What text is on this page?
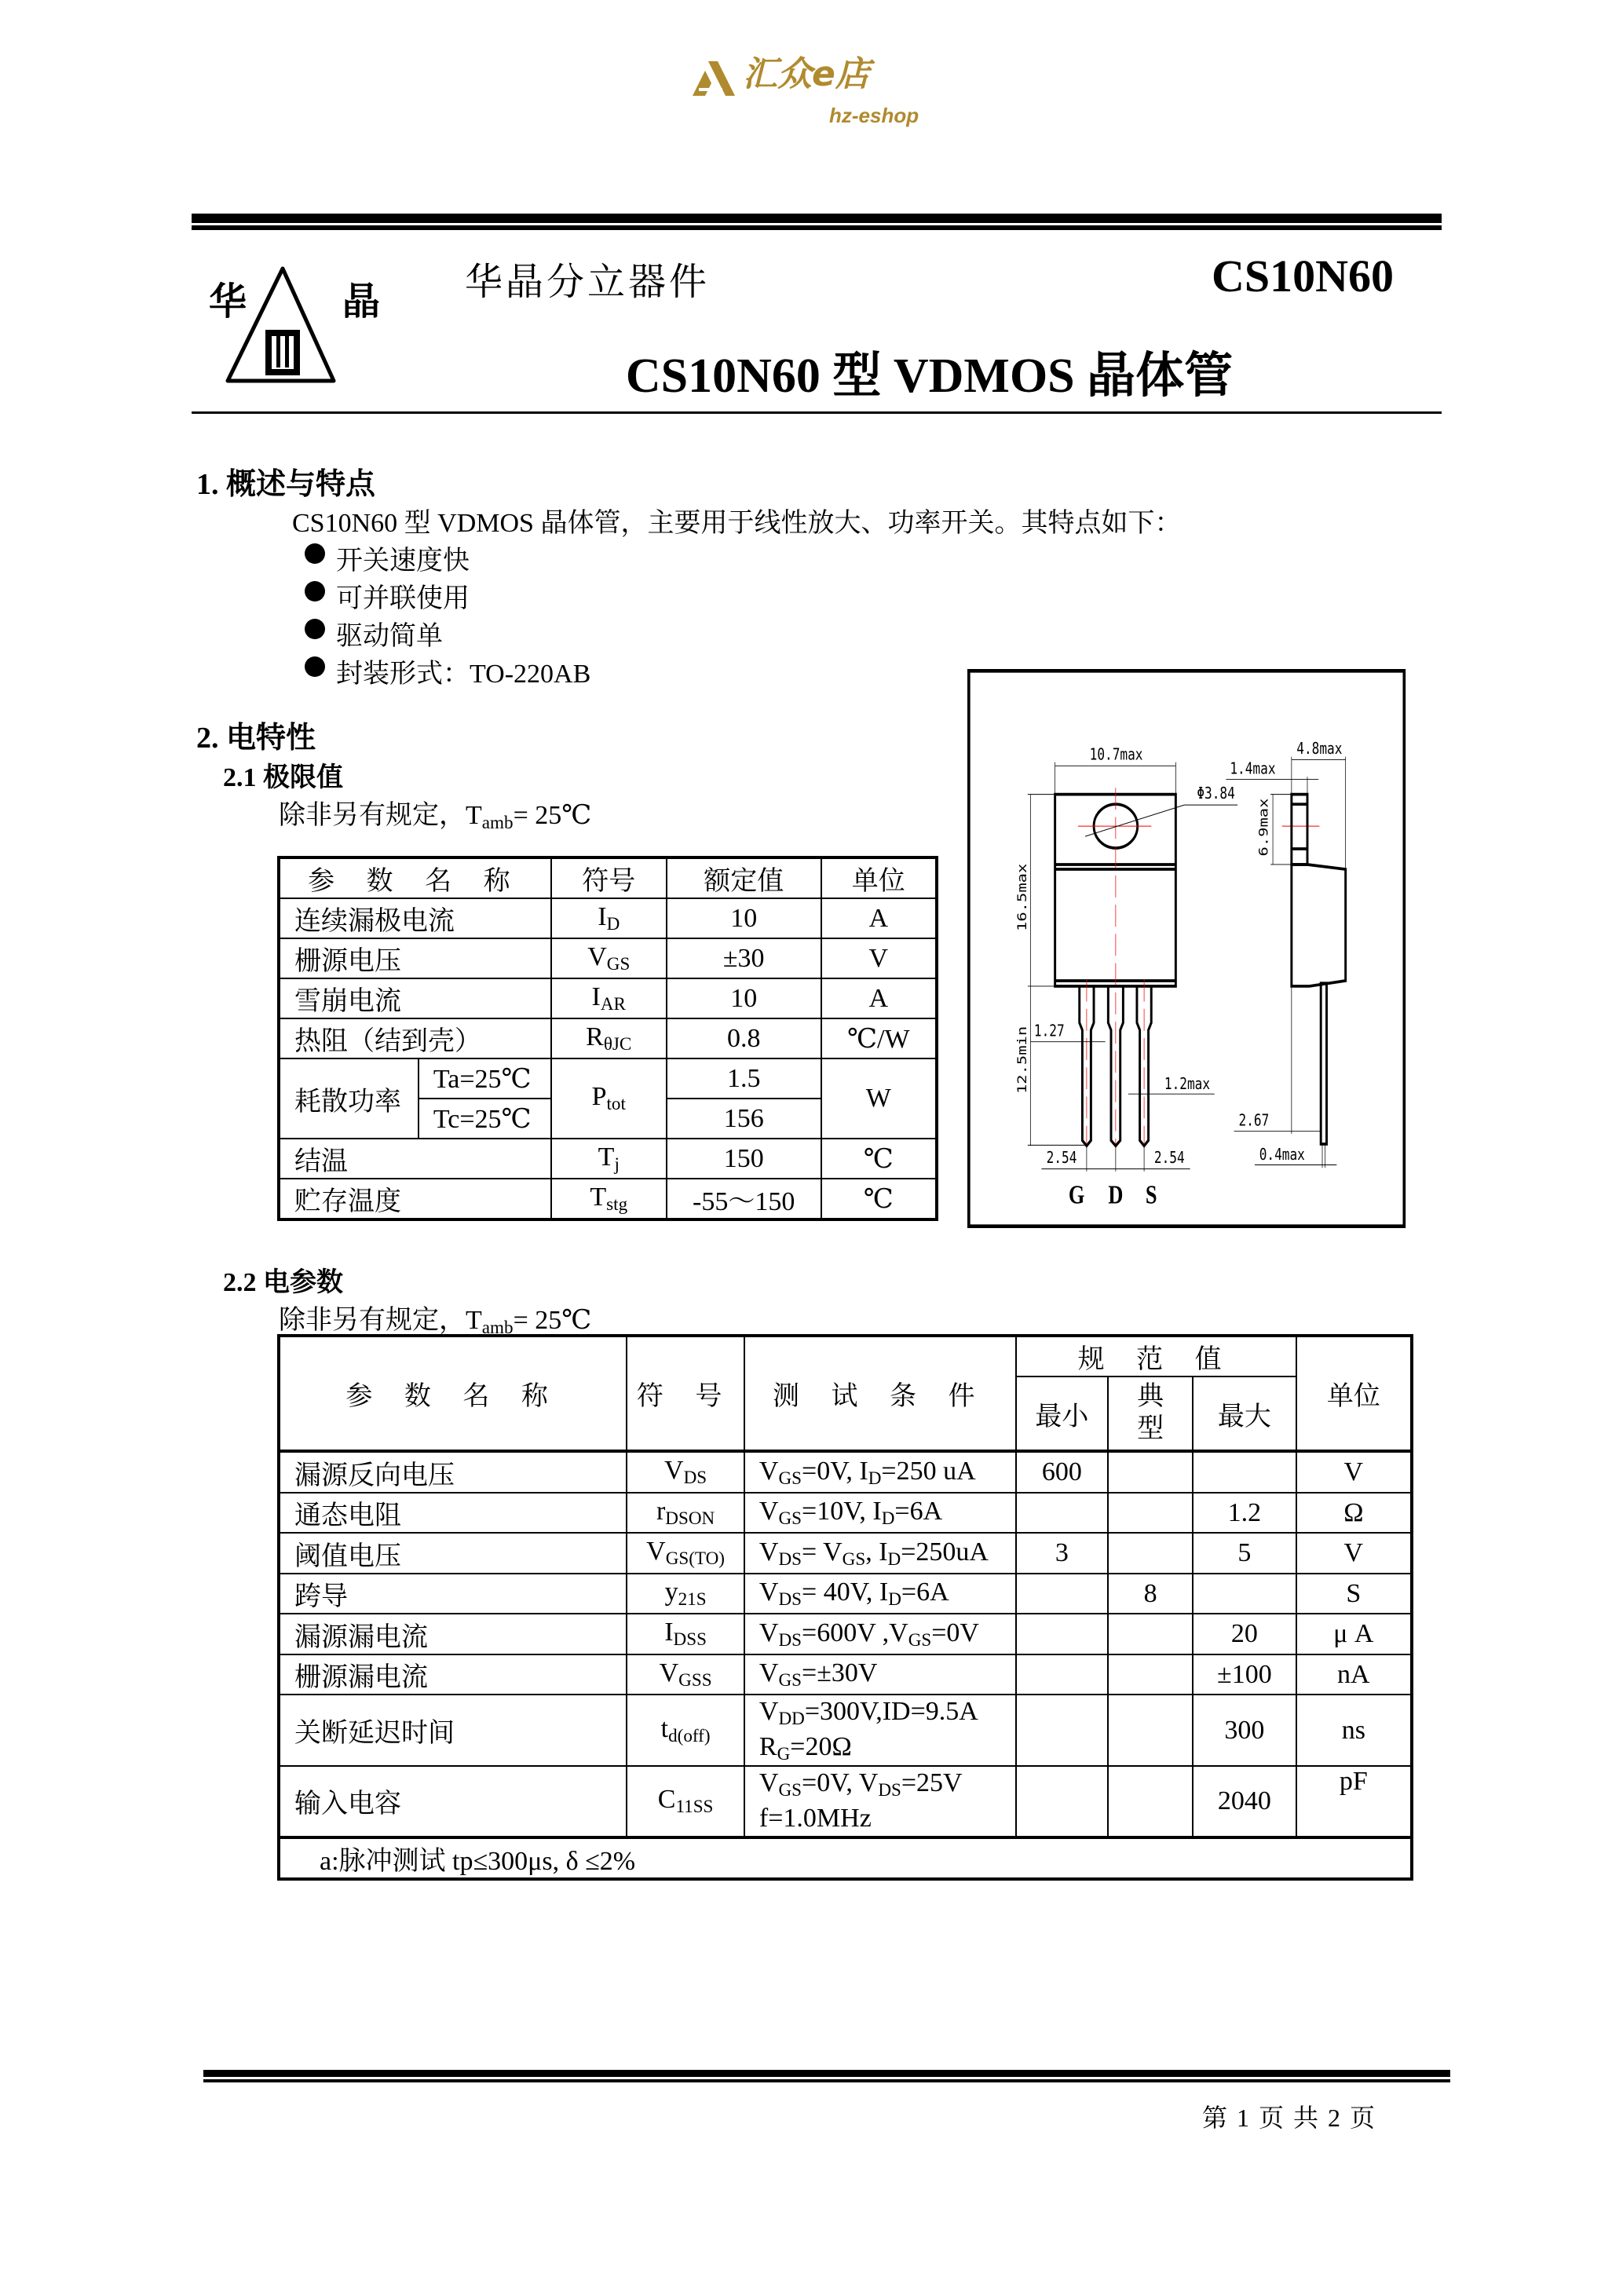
汇众e店
hz-eshop
华	晶 华晶分立器件	CS10N60
CS10N60 型 VDMOS 晶体管
1. 概述与特点
CS10N60 型 VDMOS 晶体管，主要用于线性放大、功率开关。其特点如下：
开关速度快
可并联使用
驱动简单
封装形式：TO-220AB
2. 电特性
2.1 极限值
除非另有规定，$T_{amb}=$ 25℃
参 数 名 称		符号	额定值	单位
连续漏极电流		$I_D$	10	A
栅源电压		$V_{GS}$	±30	V
雪崩电流		$I_{AR}$	10	A
热阻（结到壳）		$R_{\theta JC}$	0.8	℃/W
耗散功率	Ta=25℃	$P_{tot}$	1.5	W
	Tc=25℃		156	
结温		$T_j$	150	℃
贮存温度		$T_{stg}$	-55～150	℃
10.7max
Φ3.84
16.5max
12.5min 1.27
1.2max
2.54 2.54
4.8max
1.4max
6.9max
2.67
0.4max
G D S
2.2 电参数
除非另有规定，$T_{amb}=$ 25℃
参 数 名 称	符 号	测 试 条 件	规 范 值			单位
			最小	典型	最大	
漏源反向电压	$V_{DS}$	$V_{GS}=0V$, $I_D=250$ uA	600			V
通态电阻	$r_{DSON}$	$V_{GS}=10V$, $I_D=6A$			1.2	Ω
阈值电压	$V_{GS(TO)}$	$V_{DS}= V_{GS}$, $I_D=250uA$	3		5	V
跨导	$y_{21S}$	$V_{DS}= 40V$, $I_D=6A$		8		S
漏源漏电流	$I_{DSS}$	$V_{DS}=600V$ $,V_{GS}=0V$			20	μ A
栅源漏电流	$V_{GSS}$	$V_{GS}=\pm 30V$			±100	nA
关断延迟时间	$t_{d(off)}$	$V_{DD}=300V,ID=9.5A$
$R_G=20\Omega$			300	ns
输入电容	$C_{11SS}$	$V_{GS}=0V$, $V_{DS}=25V$
f=1.0MHz			2040	pF
a:脉冲测试 tp≤300μs, δ ≤2%						
第 1 页 共 2 页
